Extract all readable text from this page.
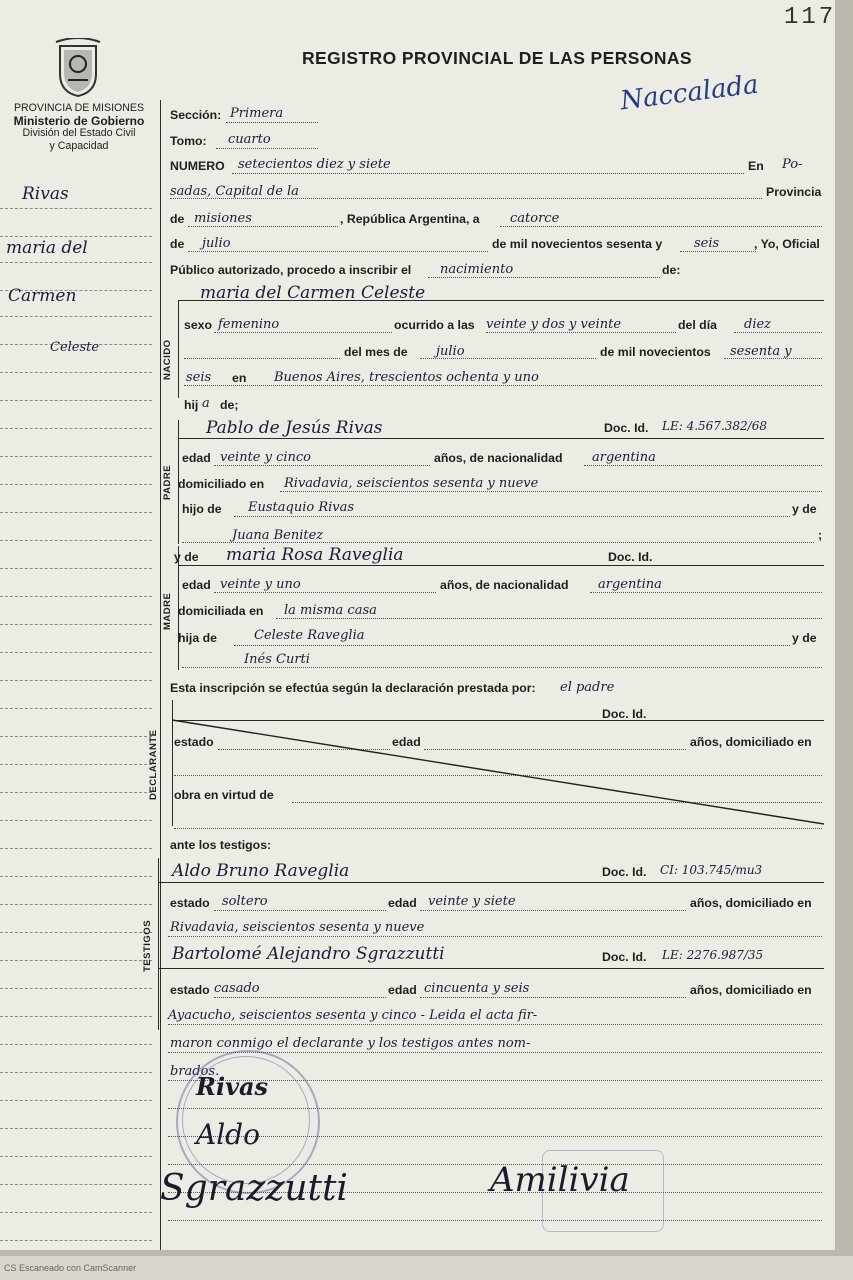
CS Escaneado con CamScanner
117
PROVINCIA DE MISIONES
Ministerio de Gobierno
División del Estado Civil
y Capacidad
REGISTRO PROVINCIAL DE LAS PERSONAS
Naccalada
Rivas
maria del
Carmen
Celeste
Sección: Primera
Tomo: cuarto
NUMERO setecientos diez y siete	En Po-
sadas, Capital de la	Provincia
de misiones	, República Argentina, a catorce
de julio	de mil novecientos sesenta y seis	, Yo, Oficial
Público autorizado, procedo a inscribir el nacimiento	de:
NACIDO
maria del Carmen Celeste
sexo femenino	ocurrido a las veinte y dos y veinte	del día diez
del mes de julio	de mil novecientos sesenta y
seis en Buenos Aires, trescientos ochenta y uno
hij a de;
PADRE
Pablo de Jesús Rivas	Doc. Id. LE: 4.567.382/68
edad veinte y cinco	años, de nacionalidad argentina
domiciliado en Rivadavia, seiscientos sesenta y nueve
hijo de Eustaquio Rivas	y de
Juana Benitez	;
MADRE
y de maria Rosa Raveglia	Doc. Id.
edad veinte y uno	años, de nacionalidad argentina
domiciliada en la misma casa
hija de	Celeste Raveglia	y de
Inés Curti
Esta inscripción se efectúa según la declaración prestada por: el padre
DECLARANTE
Doc. Id.
estado	edad	años, domiciliado en
obra en virtud de
ante los testigos:
TESTIGOS
Aldo Bruno Raveglia	Doc. Id. CI: 103.745/mu3
estado soltero	edad veinte y siete	años, domiciliado en
Rivadavia, seiscientos sesenta y nueve
Bartolomé Alejandro Sgrazzutti	Doc. Id. LE: 2276.987/35
estado casado	edad cincuenta y seis	años, domiciliado en
Ayacucho, seiscientos sesenta y cinco - Leida el acta fir-
maron conmigo el declarante y los testigos antes nom-
brados.
Rivas
Aldo
Sgrazzutti	Amilivia
